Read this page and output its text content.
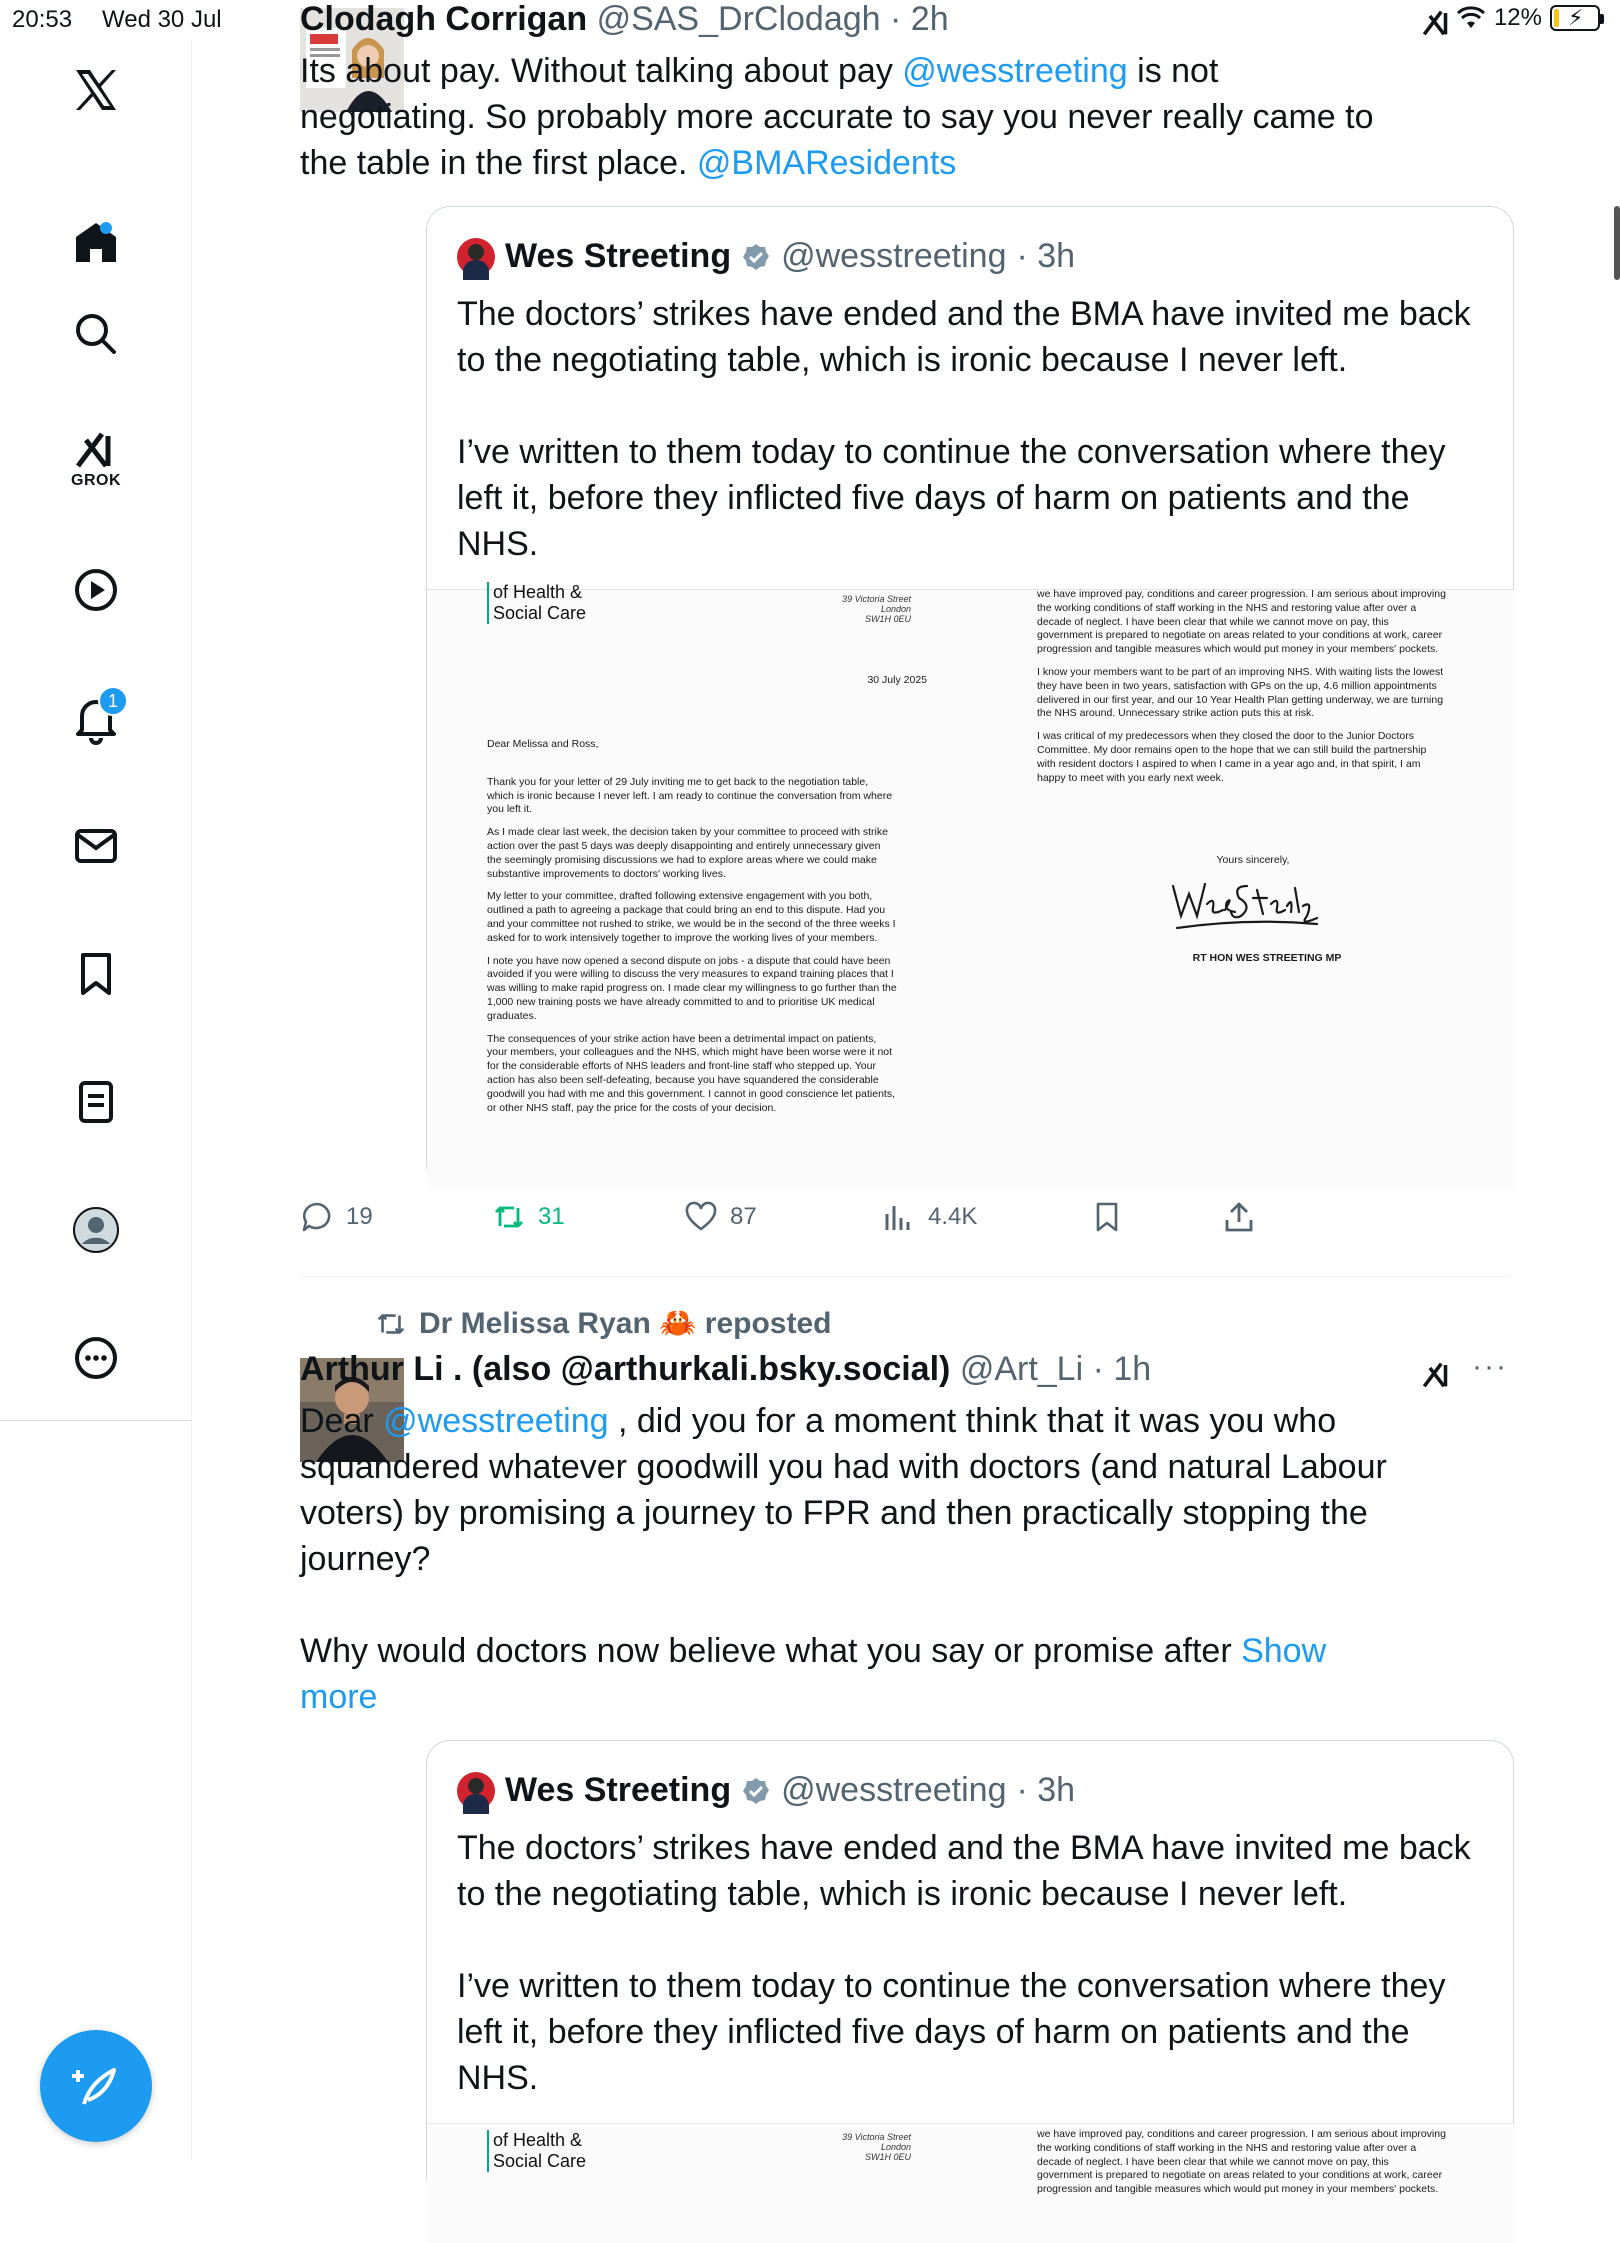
20:53 Wed 30 Jul	12% ⚡
GROK
1
Clodagh Corrigan @SAS_DrClodagh · 2h
Its about pay. Without talking about pay @wesstreeting is not negotiating. So probably more accurate to say you never really came to the table in the first place. @BMAResidents
Wes Streeting @wesstreeting · 3h
The doctors’ strikes have ended and the BMA have invited me back to the negotiating table, which is ironic because I never left.
I’ve written to them today to continue the conversation where they left it, before they inflicted five days of harm on patients and the NHS.
of Health &
Social Care
39 Victoria Street
London
SW1H 0EU
30 July 2025

Dear Melissa and Ross,

Thank you for your letter of 29 July inviting me to get back to the negotiation table, which is ironic because I never left. I am ready to continue the conversation from where you left it.

As I made clear last week, the decision taken by your committee to proceed with strike action over the past 5 days was deeply disappointing and entirely unnecessary given the seemingly promising discussions we had to explore areas where we could make substantive improvements to doctors' working lives.

My letter to your committee, drafted following extensive engagement with you both, outlined a path to agreeing a package that could bring an end to this dispute. Had you and your committee not rushed to strike, we would be in the second of the three weeks I asked for to work intensively together to improve the working lives of your members.

I note you have now opened a second dispute on jobs - a dispute that could have been avoided if you were willing to discuss the very measures to expand training places that I was willing to make rapid progress on. I made clear my willingness to go further than the 1,000 new training posts we have already committed to and to prioritise UK medical graduates.

The consequences of your strike action have been a detrimental impact on patients, your members, your colleagues and the NHS, which might have been worse were it not for the considerable efforts of NHS leaders and front-line staff who stepped up. Your action has also been self-defeating, because you have squandered the considerable goodwill you had with me and this government. I cannot in good conscience let patients, or other NHS staff, pay the price for the costs of your decision.

we have improved pay, conditions and career progression. I am serious about improving the working conditions of staff working in the NHS and restoring value after over a decade of neglect. I have been clear that while we cannot move on pay, this government is prepared to negotiate on areas related to your conditions at work, career progression and tangible measures which would put money in your members' pockets.

I know your members want to be part of an improving NHS. With waiting lists the lowest they have been in two years, satisfaction with GPs on the up, 4.6 million appointments delivered in our first year, and our 10 Year Health Plan getting underway, we are turning the NHS around. Unnecessary strike action puts this at risk.

I was critical of my predecessors when they closed the door to the Junior Doctors Committee. My door remains open to the hope that we can still build the partnership with resident doctors I aspired to when I came in a year ago and, in that spirit, I am happy to meet with you early next week.

Yours sincerely,
RT HON WES STREETING MP
19	31	87	4.4K
Dr Melissa Ryan 🦀 reposted
Arthur Li . (also @arthurkali.bsky.social) @Art_Li · 1h	···
Dear @wesstreeting , did you for a moment think that it was you who squandered whatever goodwill you had with doctors (and natural Labour voters) by promising a journey to FPR and then practically stopping the journey?
Why would doctors now believe what you say or promise after Show more
Wes Streeting @wesstreeting · 3h
The doctors’ strikes have ended and the BMA have invited me back to the negotiating table, which is ironic because I never left.
I’ve written to them today to continue the conversation where they left it, before they inflicted five days of harm on patients and the NHS.
of Health &
Social Care
39 Victoria Street
London
SW1H 0EU

we have improved pay, conditions and career progression. I am serious about improving the working conditions of staff working in the NHS and restoring value after over a decade of neglect. I have been clear that while we cannot move on pay, this government is prepared to negotiate on areas related to your conditions at work, career progression and tangible measures which would put money in your members' pockets.
